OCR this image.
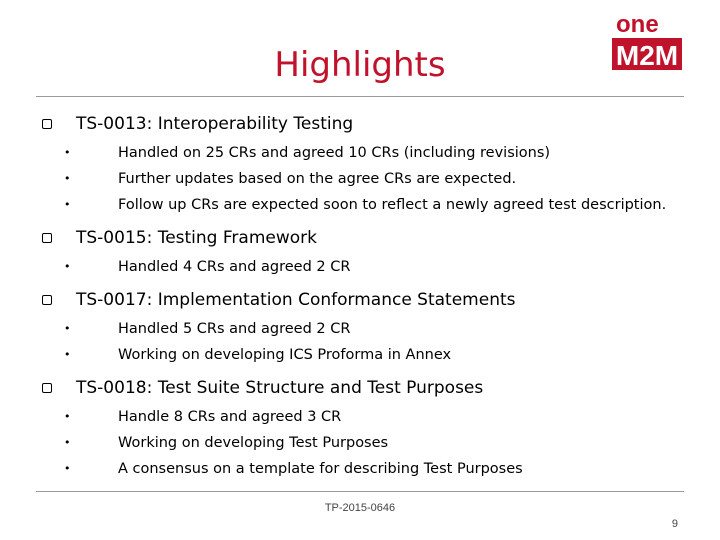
Highlights
one
M2M
TS-0013: Interoperability Testing
•	Handled on 25 CRs and agreed 10 CRs (including revisions)
•	Further updates based on the agree CRs are expected.
•	Follow up CRs are expected soon to reflect a newly agreed test description.
TS-0015: Testing Framework
•	Handled 4 CRs and agreed 2 CR
TS-0017: Implementation Conformance Statements
•	Handled 5 CRs and agreed 2 CR
•	Working on developing ICS Proforma in Annex
TS-0018: Test Suite Structure and Test Purposes
•	Handle 8 CRs and agreed 3 CR
•	Working on developing Test Purposes
•	A consensus on a template for describing Test Purposes
TP-2015-0646
9
